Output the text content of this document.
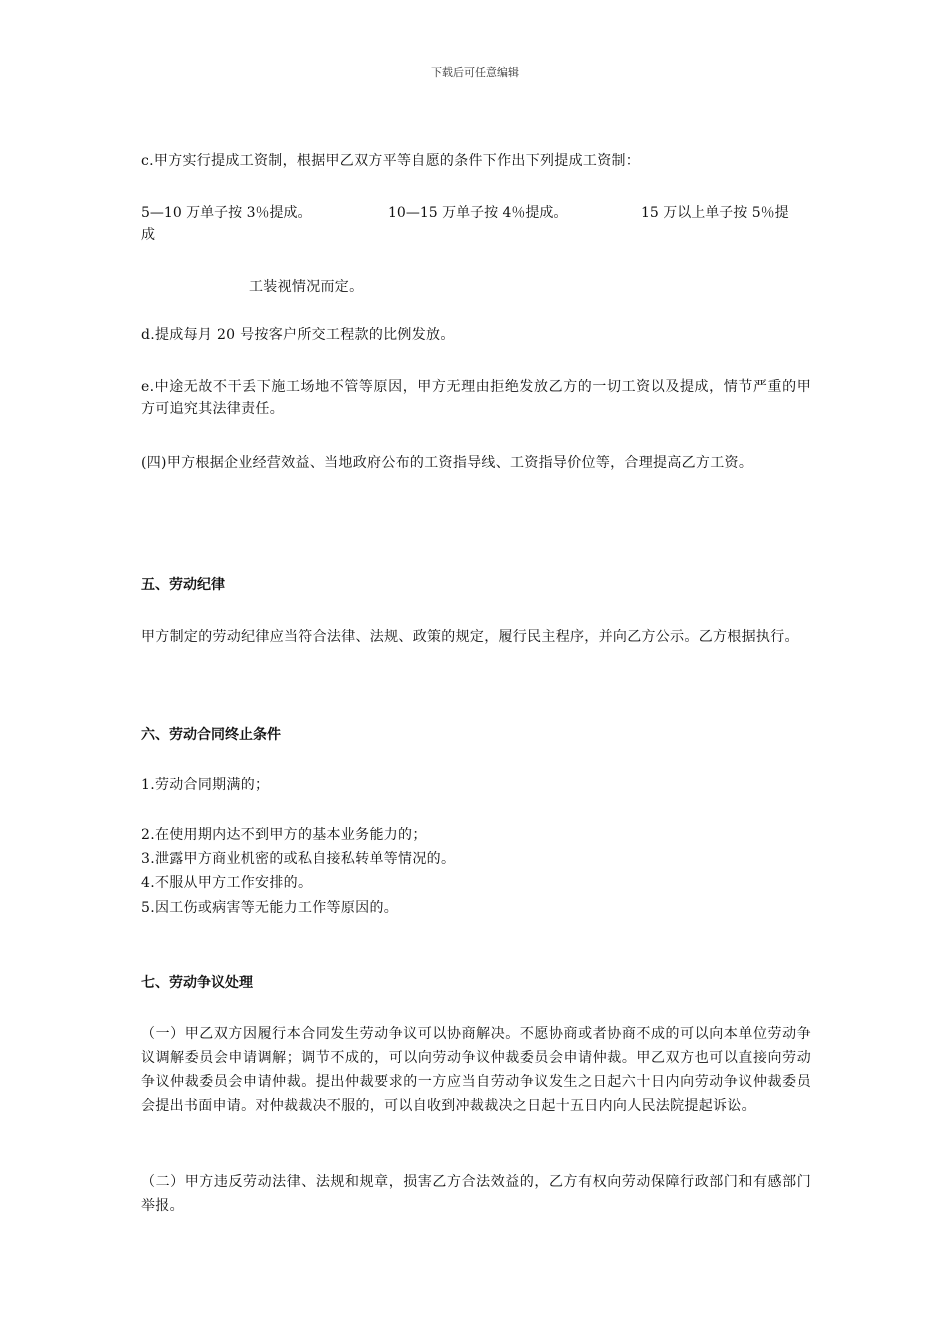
下载后可任意编辑
c.甲方实行提成工资制，根据甲乙双方平等自愿的条件下作出下列提成工资制：
5—10 万单子按 3％提成。	10—15 万单子按 4％提成。	15 万以上单子按 5％提
成
工装视情况而定。
d.提成每月 20 号按客户所交工程款的比例发放。
e.中途无故不干丢下施工场地不管等原因，甲方无理由拒绝发放乙方的一切工资以及提成，情节严重的甲方可追究其法律责任。
(四)甲方根据企业经营效益、当地政府公布的工资指导线、工资指导价位等，合理提高乙方工资。
五、劳动纪律
甲方制定的劳动纪律应当符合法律、法规、政策的规定，履行民主程序，并向乙方公示。乙方根据执行。
六、劳动合同终止条件
1.劳动合同期满的；
2.在使用期内达不到甲方的基本业务能力的；
3.泄露甲方商业机密的或私自接私转单等情况的。
4.不服从甲方工作安排的。
5.因工伤或病害等无能力工作等原因的。
七、劳动争议处理
（一）甲乙双方因履行本合同发生劳动争议可以协商解决。不愿协商或者协商不成的可以向本单位劳动争议调解委员会申请调解；调节不成的，可以向劳动争议仲裁委员会申请仲裁。甲乙双方也可以直接向劳动争议仲裁委员会申请仲裁。提出仲裁要求的一方应当自劳动争议发生之日起六十日内向劳动争议仲裁委员会提出书面申请。对仲裁裁决不服的，可以自收到冲裁裁决之日起十五日内向人民法院提起诉讼。
（二）甲方违反劳动法律、法规和规章，损害乙方合法效益的，乙方有权向劳动保障行政部门和有感部门举报。
